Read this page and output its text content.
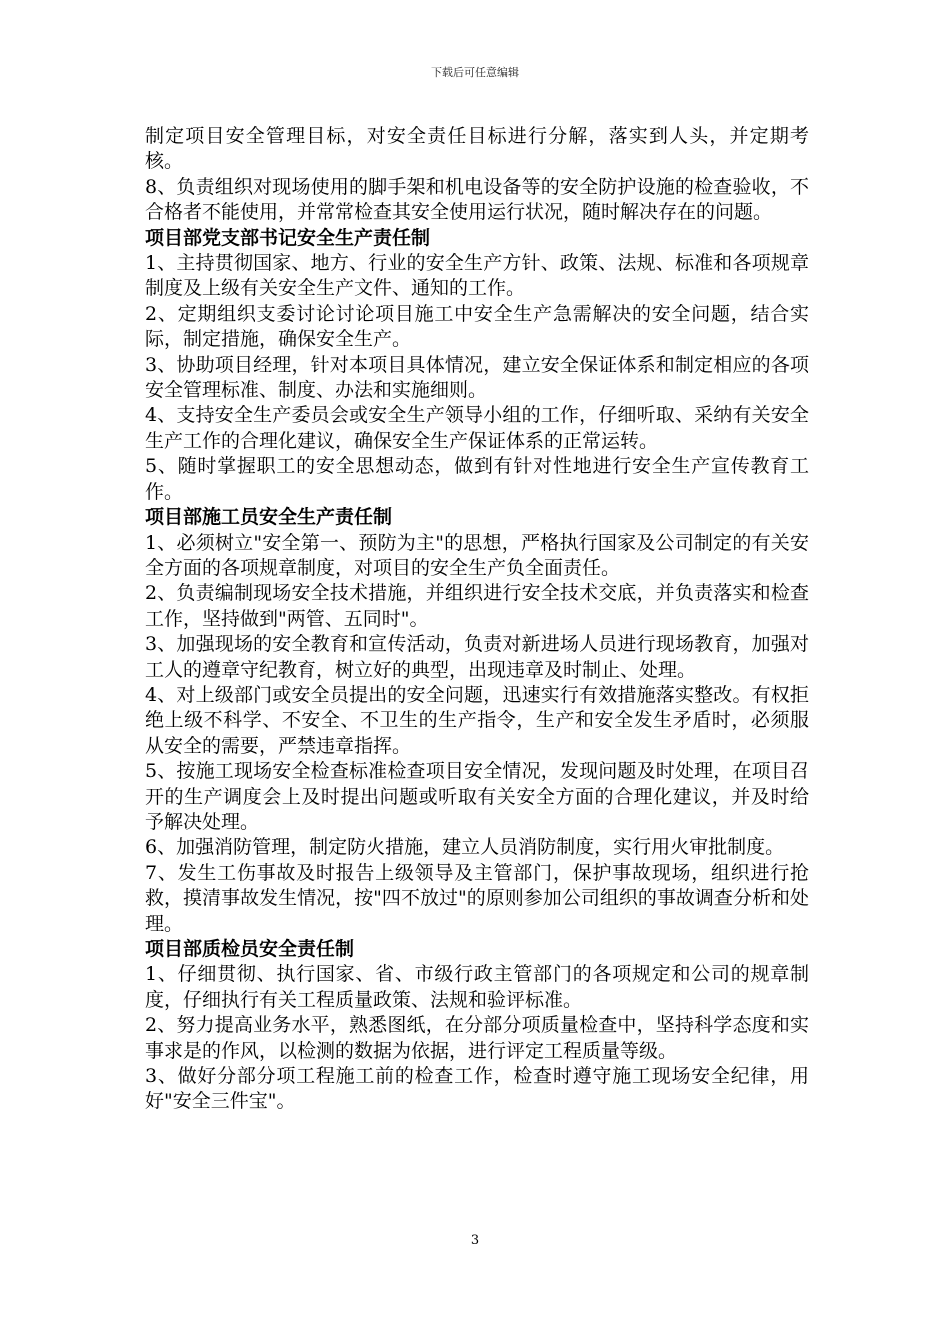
下载后可任意编辑

制定项目安全管理目标，对安全责任目标进行分解，落实到人头，并定期考核。

8、负责组织对现场使用的脚手架和机电设备等的安全防护设施的检查验收，不合格者不能使用，并常常检查其安全使用运行状况，随时解决存在的问题。

项目部党支部书记安全生产责任制

1、主持贯彻国家、地方、行业的安全生产方针、政策、法规、标准和各项规章制度及上级有关安全生产文件、通知的工作。

2、定期组织支委讨论讨论项目施工中安全生产急需解决的安全问题，结合实际，制定措施，确保安全生产。

3、协助项目经理，针对本项目具体情况，建立安全保证体系和制定相应的各项安全管理标准、制度、办法和实施细则。

4、支持安全生产委员会或安全生产领导小组的工作，仔细听取、采纳有关安全生产工作的合理化建议，确保安全生产保证体系的正常运转。

5、随时掌握职工的安全思想动态，做到有针对性地进行安全生产宣传教育工作。

项目部施工员安全生产责任制

1、必须树立"安全第一、预防为主"的思想，严格执行国家及公司制定的有关安全方面的各项规章制度，对项目的安全生产负全面责任。

2、负责编制现场安全技术措施，并组织进行安全技术交底，并负责落实和检查工作，坚持做到"两管、五同时"。

3、加强现场的安全教育和宣传活动，负责对新进场人员进行现场教育，加强对工人的遵章守纪教育，树立好的典型，出现违章及时制止、处理。

4、对上级部门或安全员提出的安全问题，迅速实行有效措施落实整改。有权拒绝上级不科学、不安全、不卫生的生产指令，生产和安全发生矛盾时，必须服从安全的需要，严禁违章指挥。

5、按施工现场安全检查标准检查项目安全情况，发现问题及时处理，在项目召开的生产调度会上及时提出问题或听取有关安全方面的合理化建议，并及时给予解决处理。

6、加强消防管理，制定防火措施，建立人员消防制度，实行用火审批制度。

7、发生工伤事故及时报告上级领导及主管部门，保护事故现场，组织进行抢救，摸清事故发生情况，按"四不放过"的原则参加公司组织的事故调查分析和处理。

项目部质检员安全责任制

1、仔细贯彻、执行国家、省、市级行政主管部门的各项规定和公司的规章制度，仔细执行有关工程质量政策、法规和验评标准。

2、努力提高业务水平，熟悉图纸，在分部分项质量检查中，坚持科学态度和实事求是的作风，以检测的数据为依据，进行评定工程质量等级。

3、做好分部分项工程施工前的检查工作，检查时遵守施工现场安全纪律，用好"安全三件宝"。

3
